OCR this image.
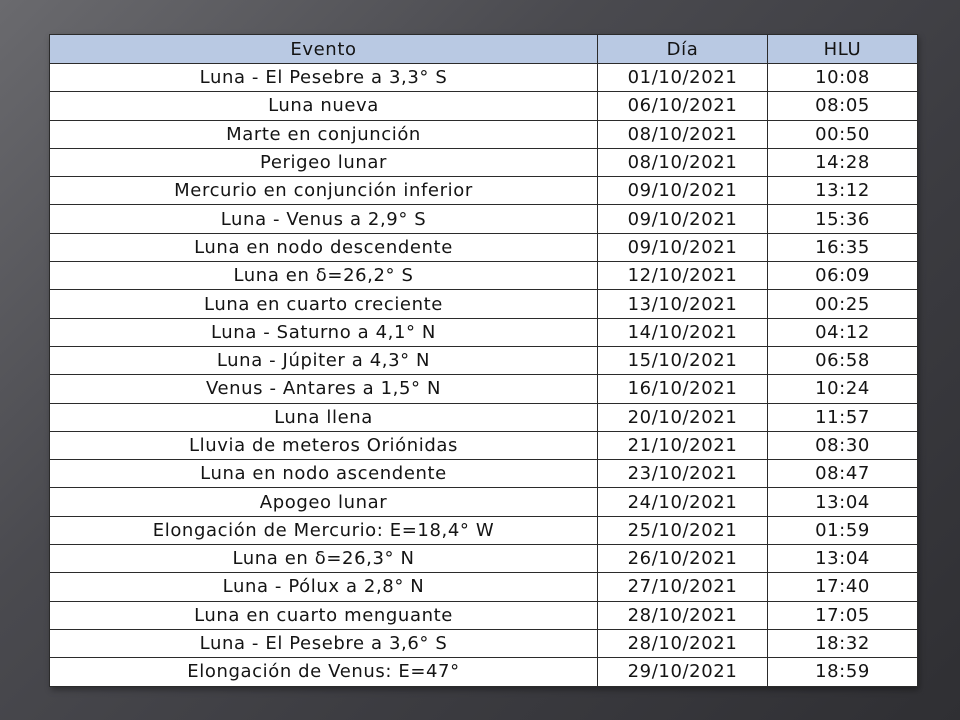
Evento	Día	HLU
Luna - El Pesebre a 3,3° S	01/10/2021	10:08
Luna nueva	06/10/2021	08:05
Marte en conjunción	08/10/2021	00:50
Perigeo lunar	08/10/2021	14:28
Mercurio en conjunción inferior	09/10/2021	13:12
Luna - Venus a 2,9° S	09/10/2021	15:36
Luna en nodo descendente	09/10/2021	16:35
Luna en δ=26,2° S	12/10/2021	06:09
Luna en cuarto creciente	13/10/2021	00:25
Luna - Saturno a 4,1° N	14/10/2021	04:12
Luna - Júpiter a 4,3° N	15/10/2021	06:58
Venus - Antares a 1,5° N	16/10/2021	10:24
Luna llena	20/10/2021	11:57
Lluvia de meteros Oriónidas	21/10/2021	08:30
Luna en nodo ascendente	23/10/2021	08:47
Apogeo lunar	24/10/2021	13:04
Elongación de Mercurio: E=18,4° W	25/10/2021	01:59
Luna en δ=26,3° N	26/10/2021	13:04
Luna - Pólux a 2,8° N	27/10/2021	17:40
Luna en cuarto menguante	28/10/2021	17:05
Luna - El Pesebre a 3,6° S	28/10/2021	18:32
Elongación de Venus: E=47°	29/10/2021	18:59
